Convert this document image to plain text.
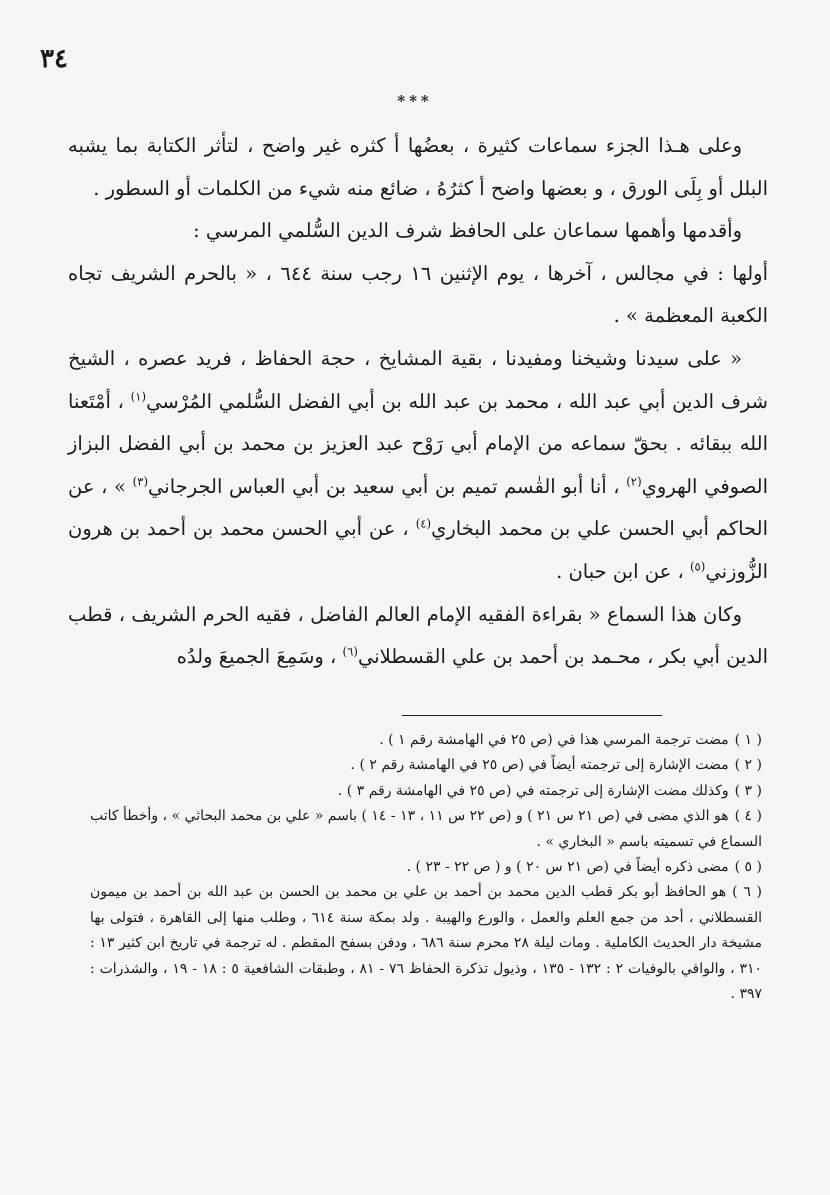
٣٤
***

وعلى هـذا الجزء سماعات كثيرة ، بعضُها أ كثره غير واضح ، لتأثر الكتابة بما يشبه البلل أو بِلَى الورق ، و بعضها واضح أ كثرُهُ ، ضائع منه شيء من الكلمات أو السطور .

وأقدمها وأهمها سماعان على الحافظ شرف الدين السُّلمي المرسي :

أولها : في مجالس ، آخرها ، يوم الإثنين ١٦ رجب سنة ٦٤٤ ، « بالحرم الشريف تجاه الكعبة المعظمة » .

« على سيدنا وشيخنا ومفيدنا ، بقية المشايخ ، حجة الحفاظ ، فريد عصره ، الشيخ شرف الدين أبي عبد الله ، محمد بن عبد الله بن أبي الفضل السُّلمي المُرْسي$^{(١)}$ ، أمْتَعنا الله ببقائه . بحقّ سماعه من الإمام أبي رَوْح عبد العزيز بن محمد بن أبي الفضل البزاز الصوفي الهروي$^{(٢)}$ ، أنا أبو القٰسم تميم بن أبي سعيد بن أبي العباس الجرجاني$^{(٣)}$ » ، عن الحاكم أبي الحسن علي بن محمد البخاري$^{(٤)}$ ، عن أبي الحسن محمد بن أحمد بن هرون الزُّوزني$^{(٥)}$ ، عن ابن حبان .

وكان هذا السماع « بقراءة الفقيه الإمام العالم الفاضل ، فقيه الحرم الشريف ، قطب الدين أبي بكر ، محـمد بن أحمد بن علي القسطلاني$^{(٦)}$ ، وسَمِعَ الجميعَ ولدُه

( ١ )مضت ترجمة المرسي هذا في (ص ٢٥ في الهامشة رقم ١ ) .

( ٢ )مضت الإشارة إلى ترجمته أيضاً في (ص ٢٥ في الهامشة رقم ٢ ) .

( ٣ )وكذلك مضت الإشارة إلى ترجمته في (ص ٢٥ في الهامشة رقم ٣ ) .

( ٤ )هو الذي مضى في (ص ٢١ س ٢١ ) و (ص ٢٢ س ١١ ، ١٣ - ١٤ ) باسم « علي بن محمد البحاثي » ، وأخطأ كاتب السماع في تسميته باسم « البخاري » .

( ٥ )مضى ذكره أيضاً في (ص ٢١ س ٢٠ ) و ( ص ٢٢ - ٢٣ ) .

( ٦ )هو الحافظ أبو بكر قطب الدين محمد بن أحمد بن علي بن محمد بن الحسن بن عبد الله بن أحمد بن ميمون القسطلاني ، أحد من جمع العلم والعمل ، والورع والهيبة . ولد بمكة سنة ٦١٤ ، وطلب منها إلى القاهرة ، فتولى بها مشيخة دار الحديث الكاملية . ومات ليلة ٢٨ محرم سنة ٦٨٦ ، ودفن بسفح المقطم . له ترجمة في تاريخ ابن كثير ١٣ : ٣١٠ ، والوافي بالوفيات ٢ : ١٣٢ - ١٣٥ ، وذيول تذكرة الحفاظ ٧٦ - ٨١ ، وطبقات الشافعية ٥ : ١٨ - ١٩ ، والشذرات : ٣٩٧ .
